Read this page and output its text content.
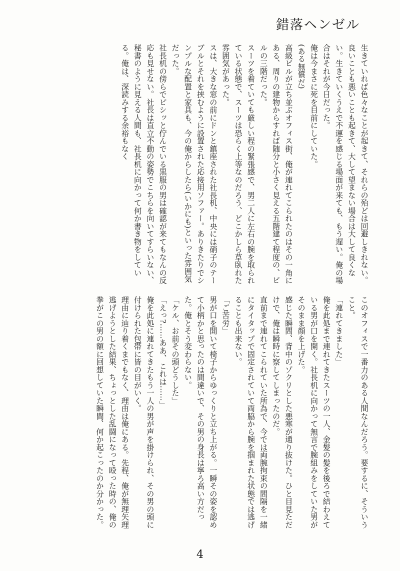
錯落ヘンゼル

生きていれば色々なことが起きて、それらの殆どは回避しきれない。良いことも悪いことも起きて、大して望まない場合は大して良くない。生きていくうえで不運を感じる場面が来ても、もう遅い。俺の場合はそれが今日だった。

俺は今まさに死を目前にしていた。

(ある無償だ)

高級ビルが立ち並ぶオフィス街、俺が連れてこられたのはその一角にある、周りの建物からすれば随分と小さく見える五階建て程度の、ビルの三階だった。

スーツを着ていても厳しい程の緊張感で、男二人に左右の腕を取られている状態で、スーツは恐らく上等なのだろう、どこかしら草臥れた雰囲気があった。

スは、大きな窓の前にドンと鎮座された社長机、中央には硝子のテーブルとそれを挟むように設置された応接用ソファー。ありきたりでシンプルな配置と家具も、今の俺からしたら(いかにも)といった雰囲気だった。

社長机の傍らでピシッと佇んでいる黒服の男は確認が来てもなんの反応も見せない。社長は直立不動の姿勢でこちらを向いてすらいない、秘書のように見える人間も、社長机に向かって何か書き物をしている。俺は、深読みする余裕もなく

このオフィスで一番力のある人間なんだろう。要するに、そういうこと。

「連れてきました」

俺を此処まで連れてきたスーツの一人、金髪の髪を後ろで結わえている男が口を開く。社長机に向かって無言で腕組みをしていた男がそのまま顔を上げた。

感じた瞬間、背中のゾクリとした悪寒が通り抜けた。ひと目見ただけで、俺は瞬時に察してしまったのだ。

直前まで連れてこられていた所為で、今では両腕拘束の間隔を一緒にタイタップで固定されていて両脇から腕を掴まれた状態では逃げることも出来ない。

「ご苦労」

男が口を開いて椅子からゆっくりと立ち上がる。一瞬その姿を認めて小柄かと思ったのは間違いで、その男の身長は寧ろ高い方だった。俺とそう変わらない。

「ケル、お前その頭どうした」

「えっ?……ああ、これは……」

俺を此処に連れてきたもう一人の男が声を掛けられ、その男の頭に付けられた包帯に皆の目がいく。

理由に辿り着くまでもなく、理由は俺にある。先程、俺が無理矢理逃げようとした結果、ちょっとした乱闘になって殴った時の、俺の拳がこの男の額に回想していた瞬間、何か起こったのか分かった。

4
